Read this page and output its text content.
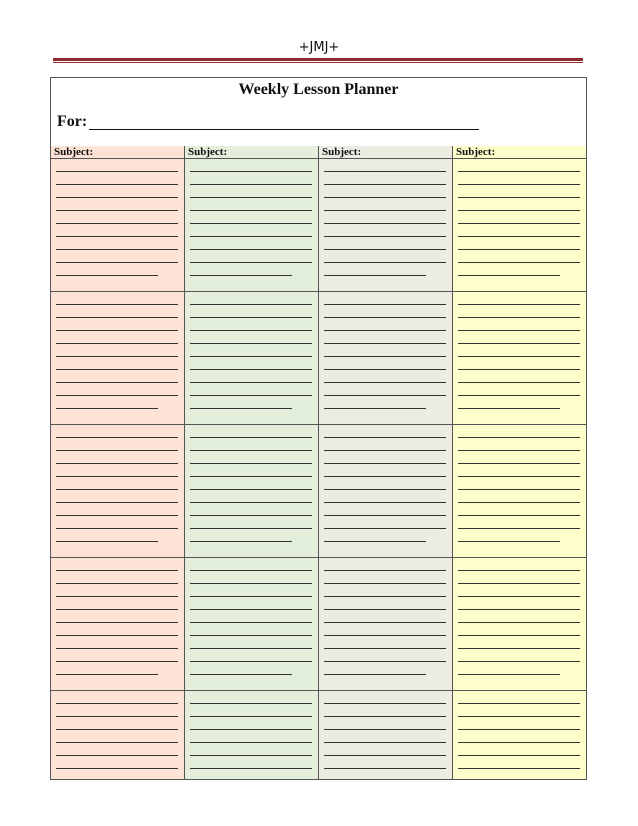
+JMJ+
Weekly Lesson Planner
For:
Subject:	Subject:	Subject:	Subject:
